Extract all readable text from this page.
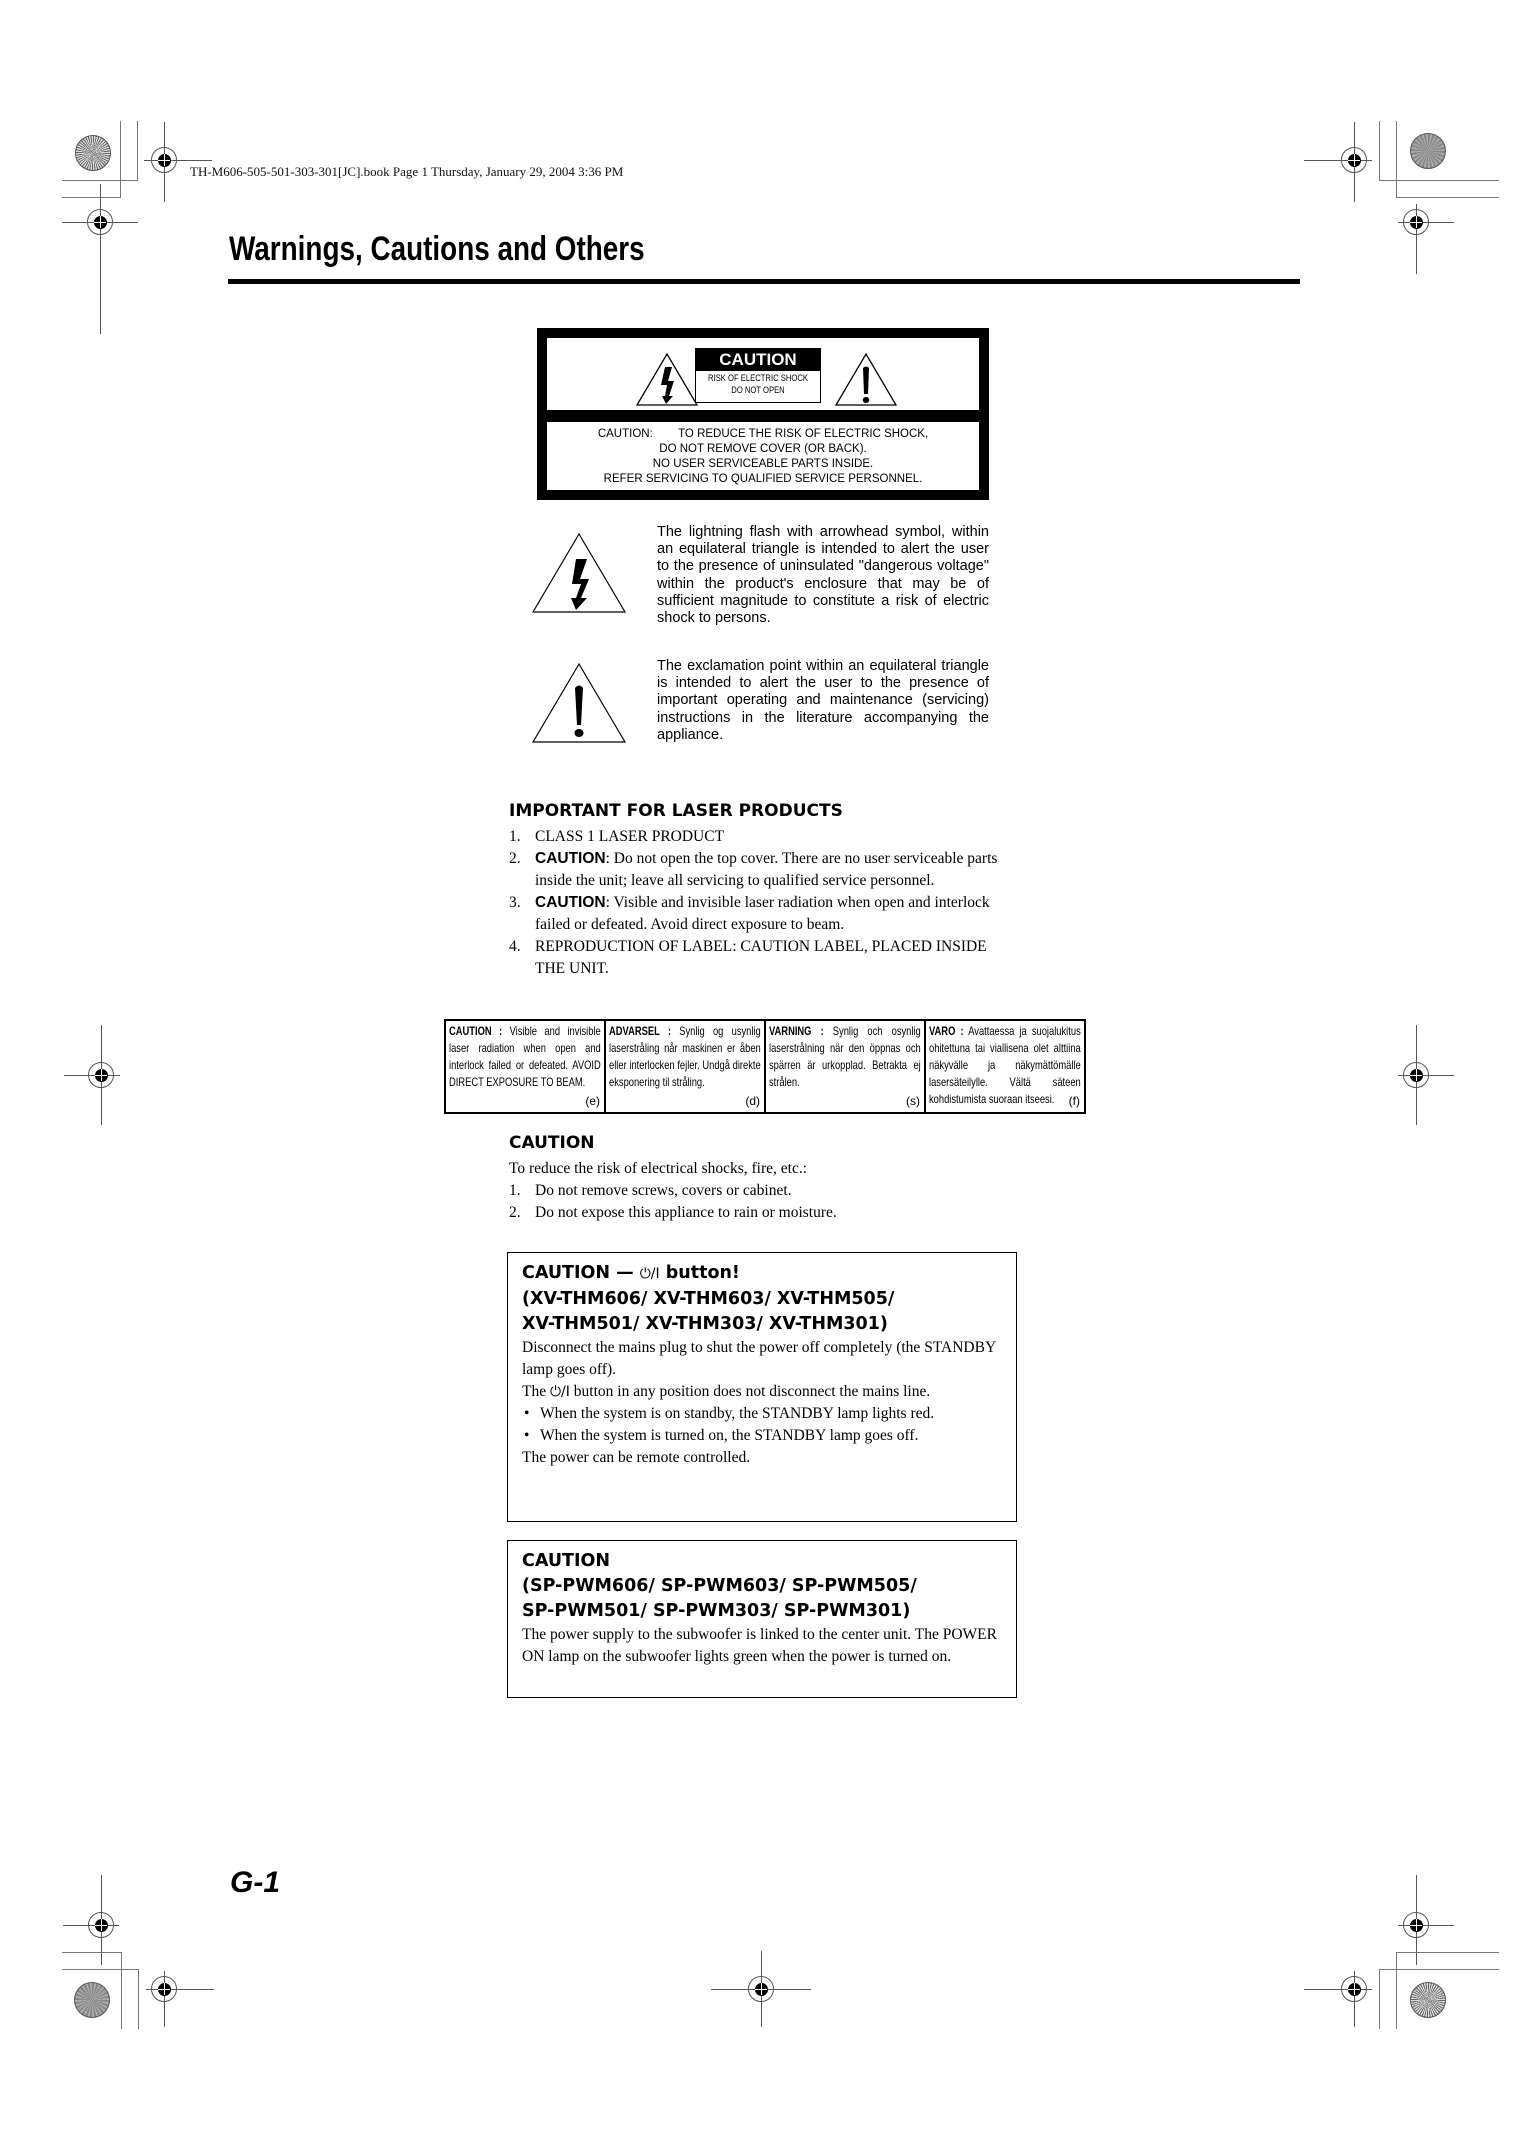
TH-M606-505-501-303-301[JC].book Page 1 Thursday, January 29, 2004 3:36 PM
Warnings, Cautions and Others
CAUTION
RISK OF ELECTRIC SHOCK
DO NOT OPEN
CAUTION:        TO REDUCE THE RISK OF ELECTRIC SHOCK,
DO NOT REMOVE COVER (OR BACK).
NO USER SERVICEABLE PARTS INSIDE.
REFER SERVICING TO QUALIFIED SERVICE PERSONNEL.

The lightning flash with arrowhead symbol, within an equilateral triangle is intended to alert the user to the presence of uninsulated "dangerous voltage" within the product's enclosure that may be of sufficient magnitude to constitute a risk of electric shock to persons.

The exclamation point within an equilateral triangle is intended to alert the user to the presence of important operating and maintenance (servicing) instructions in the literature accompanying the appliance.

IMPORTANT FOR LASER PRODUCTS
1. CLASS 1 LASER PRODUCT
2. CAUTION: Do not open the top cover. There are no user serviceable parts inside the unit; leave all servicing to qualified service personnel.
3. CAUTION: Visible and invisible laser radiation when open and interlock failed or defeated. Avoid direct exposure to beam.
4. REPRODUCTION OF LABEL: CAUTION LABEL, PLACED INSIDE THE UNIT.
CAUTION : Visible and invisible laser radiation when open and interlock failed or defeated. AVOID DIRECT EXPOSURE TO BEAM.
(e)
ADVARSEL : Synlig og usynlig laserstråling når maskinen er åben eller interlocken fejler. Undgå direkte eksponering til stråling.
(d)
VARNING : Synlig och osynlig laserstrålning när den öppnas och spärren är urkopplad. Betrakta ej strålen.
(s)
VARO : Avattaessa ja suojalukitus ohitettuna tai viallisena olet alttiina näkyvälle ja näkymättömälle lasersäteilylle. Vältä säteen kohdistumista suoraan itseesi.	(f)
CAUTION

To reduce the risk of electrical shocks, fire, etc.:

1. Do not remove screws, covers or cabinet.
2. Do not expose this appliance to rain or moisture.
CAUTION — ⏻/I button!
(XV-THM606/ XV-THM603/ XV-THM505/
XV-THM501/ XV-THM303/ XV-THM301)

Disconnect the mains plug to shut the power off completely (the STANDBY lamp goes off).

The ⏻/I button in any position does not disconnect the mains line.

• When the system is on standby, the STANDBY lamp lights red.

• When the system is turned on, the STANDBY lamp goes off.

The power can be remote controlled.

CAUTION
(SP-PWM606/ SP-PWM603/ SP-PWM505/
SP-PWM501/ SP-PWM303/ SP-PWM301)

The power supply to the subwoofer is linked to the center unit. The POWER ON lamp on the subwoofer lights green when the power is turned on.

G-1
